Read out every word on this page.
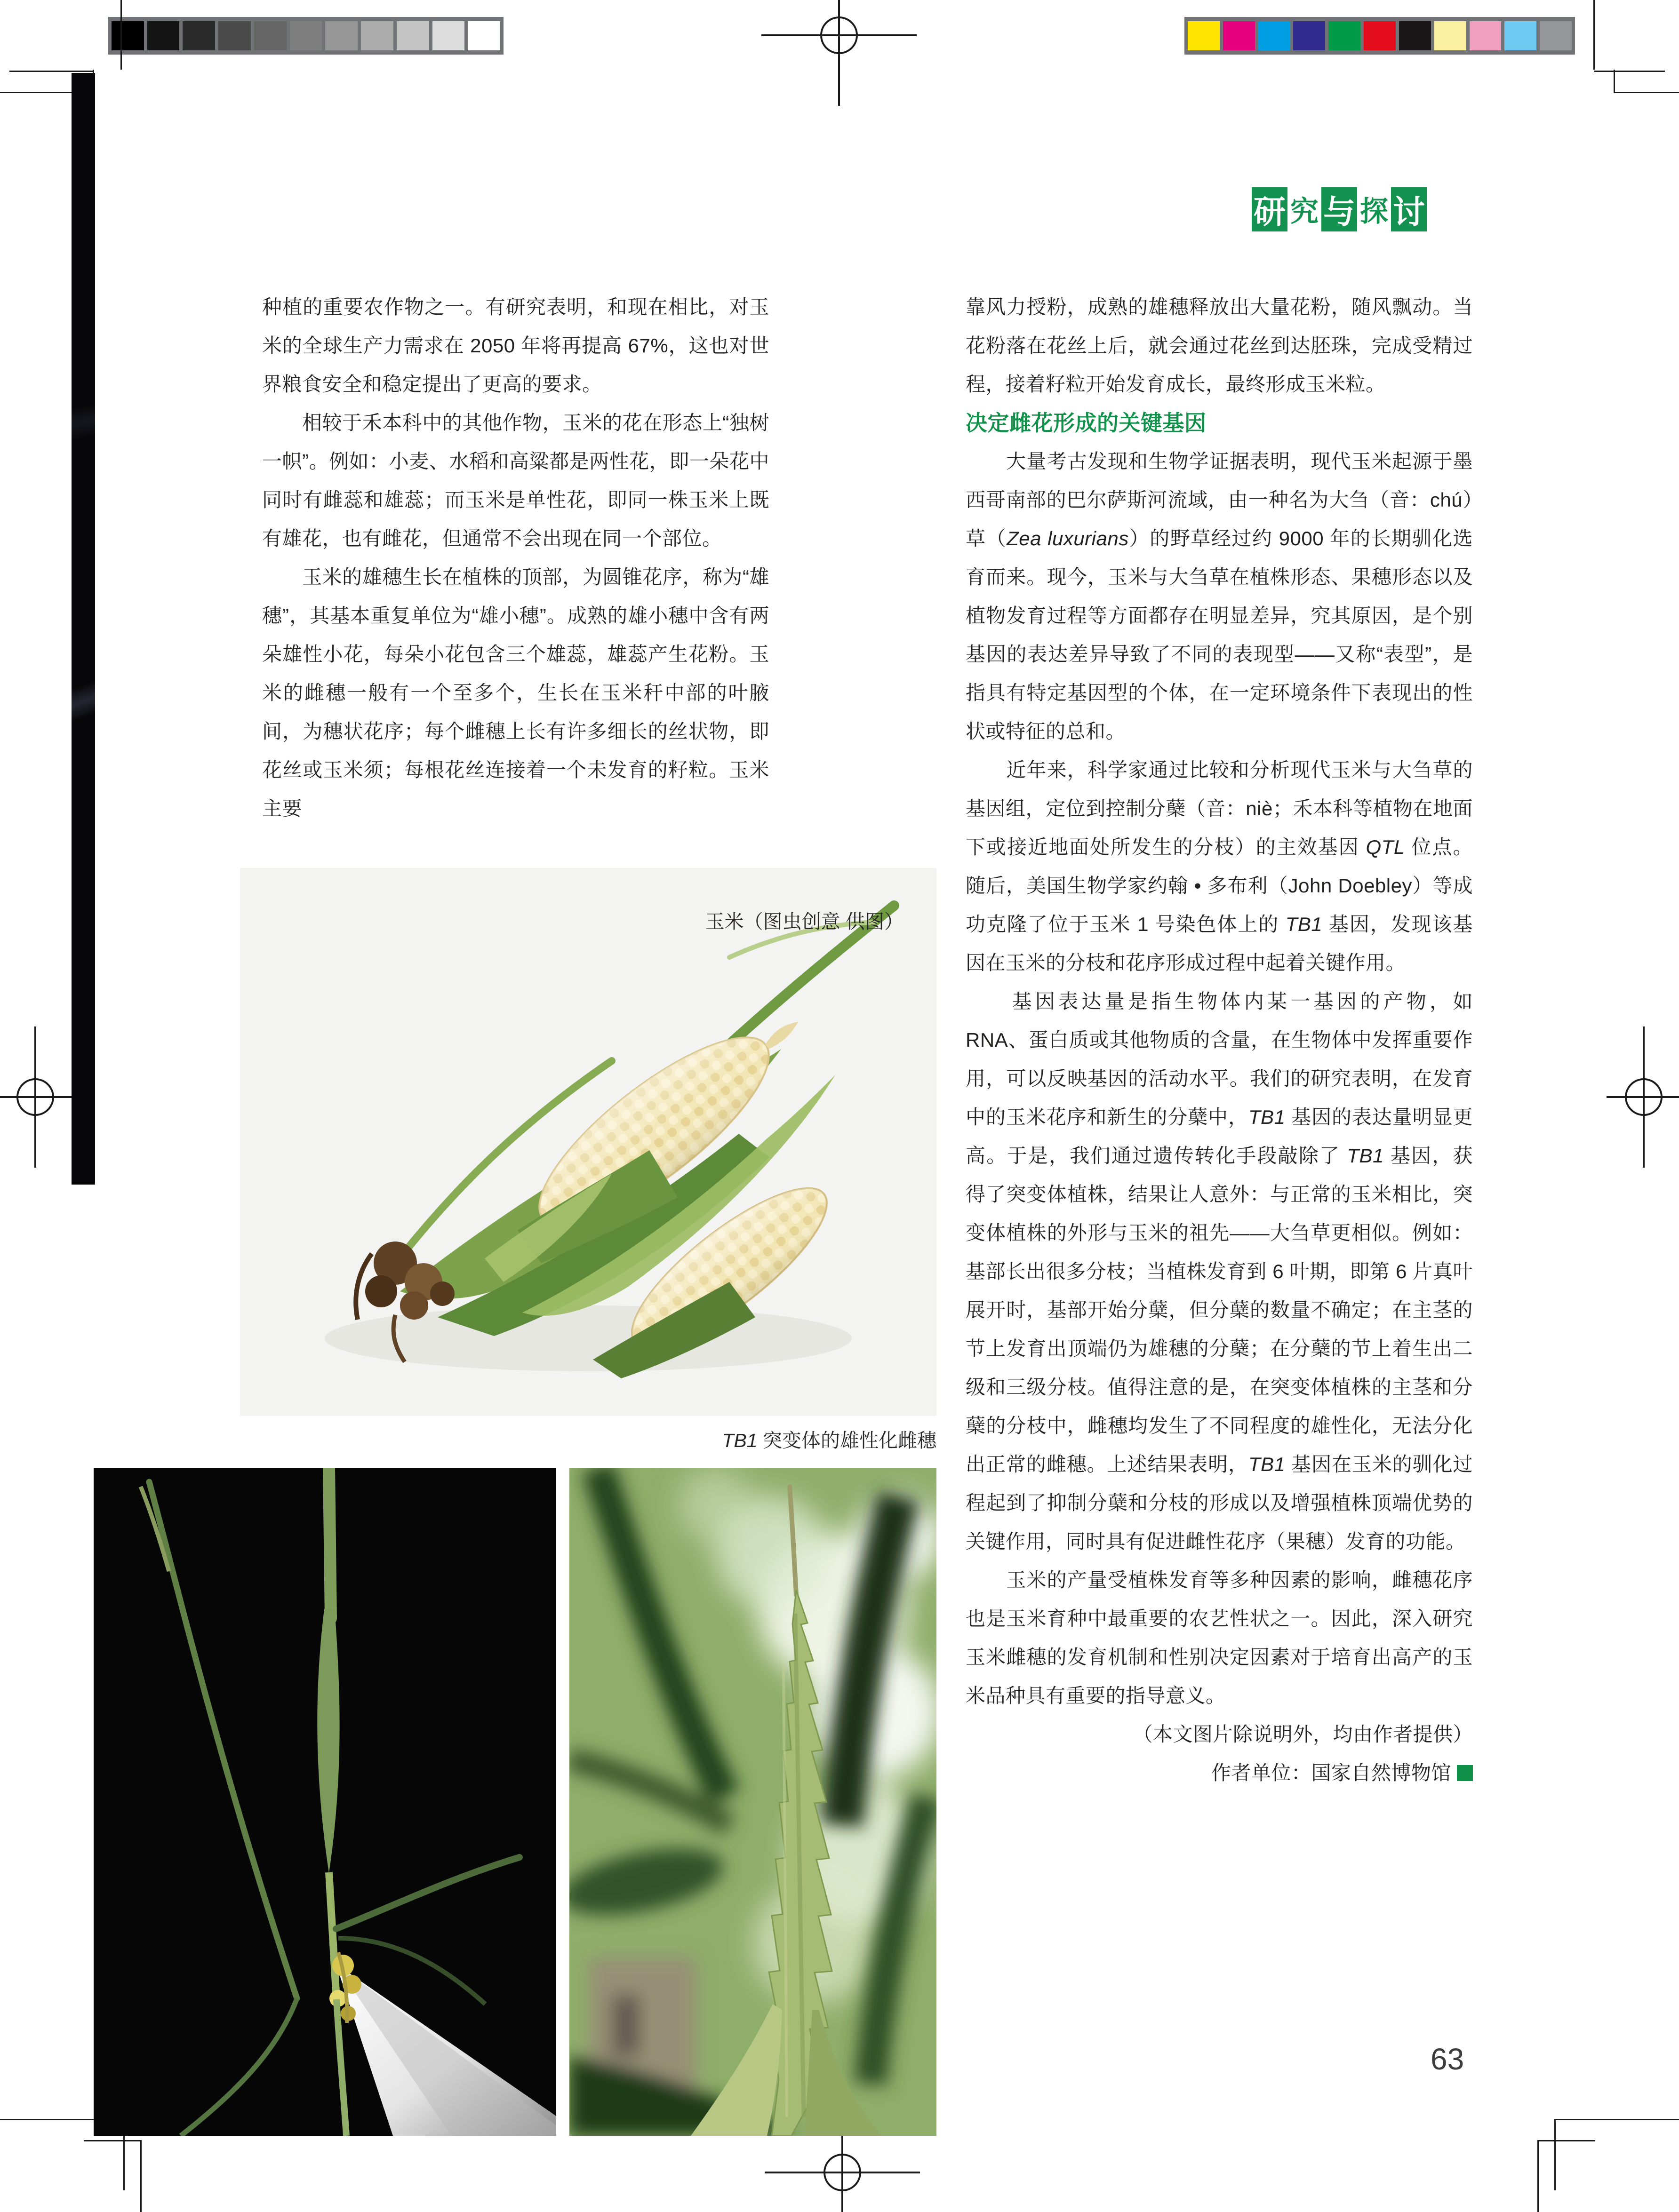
研 究 与 探 讨

种植的重要农作物之一。有研究表明，和现在相比，对玉米的全球生产力需求在 2050 年将再提高 67%，这也对世界粮食安全和稳定提出了更高的要求。

　　相较于禾本科中的其他作物，玉米的花在形态上“独树一帜”。例如：小麦、水稻和高粱都是两性花，即一朵花中同时有雌蕊和雄蕊；而玉米是单性花，即同一株玉米上既有雄花，也有雌花，但通常不会出现在同一个部位。

　　玉米的雄穗生长在植株的顶部，为圆锥花序，称为“雄穗”，其基本重复单位为“雄小穗”。成熟的雄小穗中含有两朵雄性小花，每朵小花包含三个雄蕊，雄蕊产生花粉。玉米的雌穗一般有一个至多个，生长在玉米秆中部的叶腋间，为穗状花序；每个雌穗上长有许多细长的丝状物，即花丝或玉米须；每根花丝连接着一个未发育的籽粒。玉米主要

玉米（图虫创意 供图）
TB1 突变体的雄性化雌穗

靠风力授粉，成熟的雄穗释放出大量花粉，随风飘动。当花粉落在花丝上后，就会通过花丝到达胚珠，完成受精过程，接着籽粒开始发育成长，最终形成玉米粒。

决定雌花形成的关键基因

　　大量考古发现和生物学证据表明，现代玉米起源于墨西哥南部的巴尔萨斯河流域，由一种名为大刍（音：chú）草（Zea luxurians）的野草经过约 9000 年的长期驯化选育而来。现今，玉米与大刍草在植株形态、果穗形态以及植物发育过程等方面都存在明显差异，究其原因，是个别基因的表达差异导致了不同的表现型——又称“表型”，是指具有特定基因型的个体，在一定环境条件下表现出的性状或特征的总和。

　　近年来，科学家通过比较和分析现代玉米与大刍草的基因组，定位到控制分蘖（音：niè；禾本科等植物在地面下或接近地面处所发生的分枝）的主效基因 QTL 位点。随后，美国生物学家约翰 • 多布利（John Doebley）等成功克隆了位于玉米 1 号染色体上的 TB1 基因，发现该基因在玉米的分枝和花序形成过程中起着关键作用。

　　基因表达量是指生物体内某一基因的产物，如 RNA、蛋白质或其他物质的含量，在生物体中发挥重要作用，可以反映基因的活动水平。我们的研究表明，在发育中的玉米花序和新生的分蘖中，TB1 基因的表达量明显更高。于是，我们通过遗传转化手段敲除了 TB1 基因，获得了突变体植株，结果让人意外：与正常的玉米相比，突变体植株的外形与玉米的祖先——大刍草更相似。例如：基部长出很多分枝；当植株发育到 6 叶期，即第 6 片真叶展开时，基部开始分蘖，但分蘖的数量不确定；在主茎的节上发育出顶端仍为雄穗的分蘖；在分蘖的节上着生出二级和三级分枝。值得注意的是，在突变体植株的主茎和分蘖的分枝中，雌穗均发生了不同程度的雄性化，无法分化出正常的雌穗。上述结果表明，TB1 基因在玉米的驯化过程起到了抑制分蘖和分枝的形成以及增强植株顶端优势的关键作用，同时具有促进雌性花序（果穗）发育的功能。

　　玉米的产量受植株发育等多种因素的影响，雌穗花序也是玉米育种中最重要的农艺性状之一。因此，深入研究玉米雌穗的发育机制和性别决定因素对于培育出高产的玉米品种具有重要的指导意义。

（本文图片除说明外，均由作者提供）

作者单位：国家自然博物馆

63
